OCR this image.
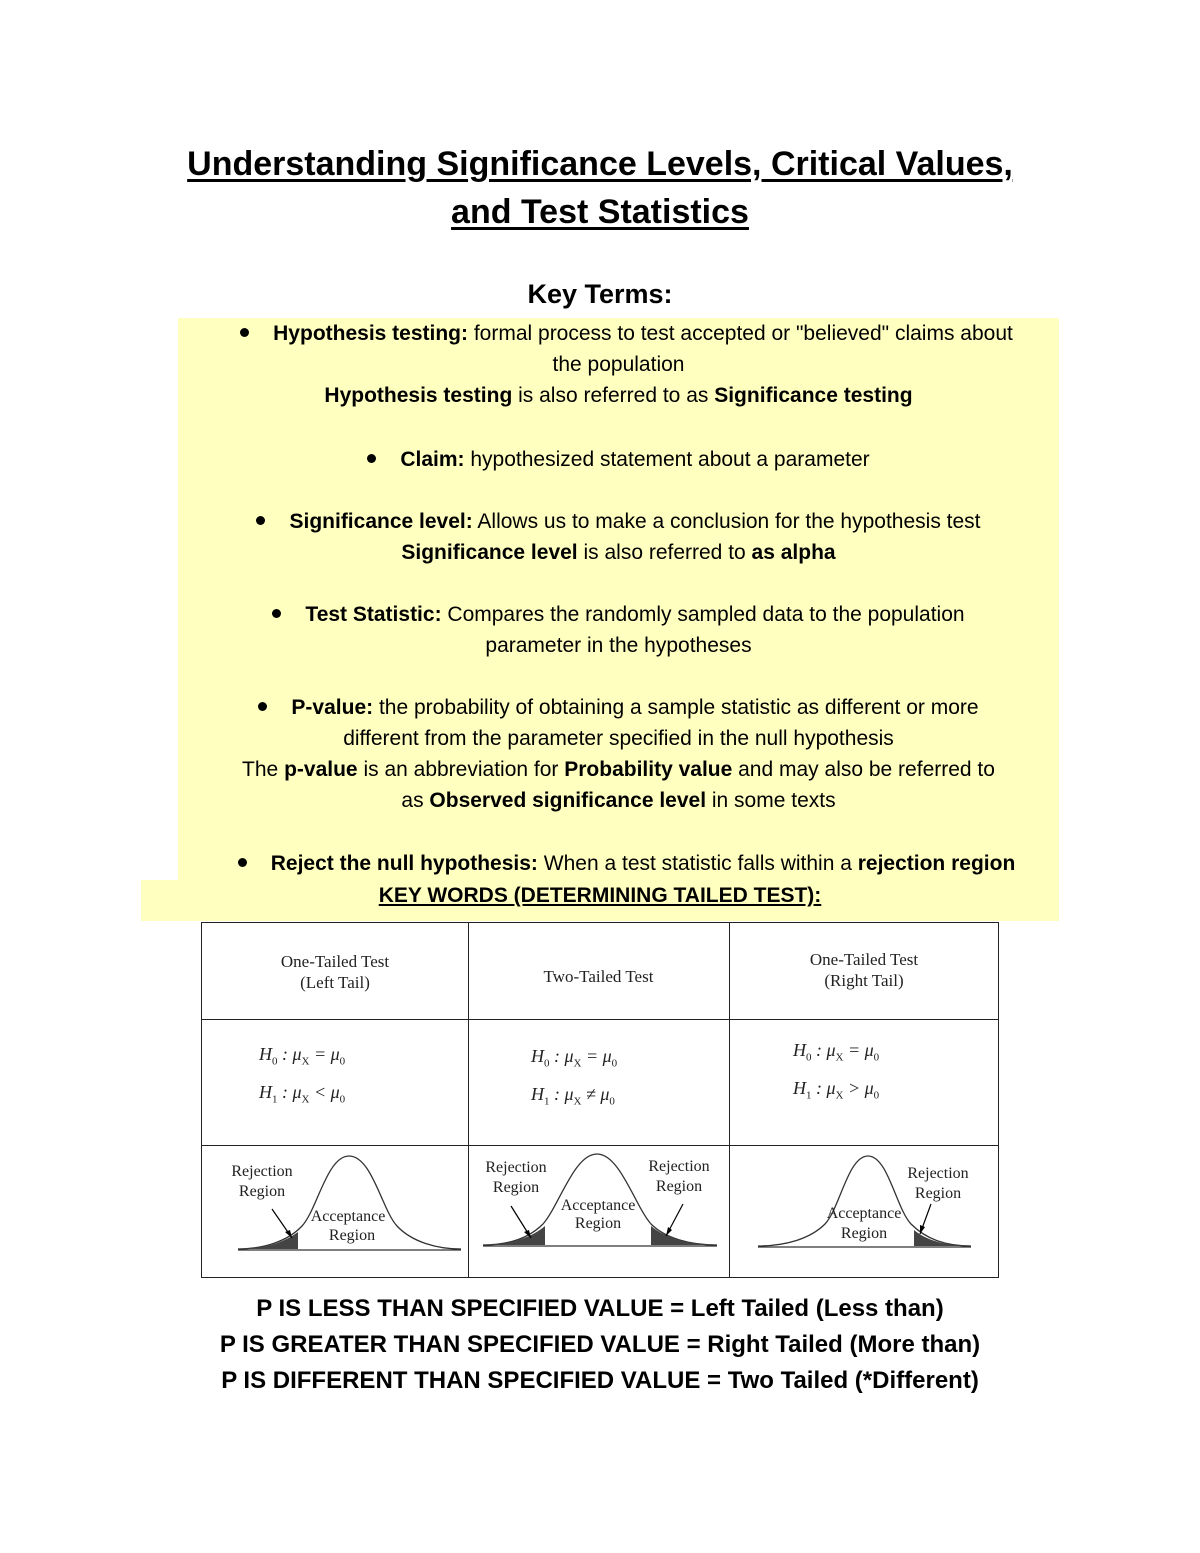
Understanding Significance Levels, Critical Values,
and Test Statistics
Key Terms:
Hypothesis testing: formal process to test accepted or "believed" claims about
the population
Hypothesis testing is also referred to as Significance testing
Claim: hypothesized statement about a parameter
Significance level: Allows us to make a conclusion for the hypothesis test
Significance level is also referred to as alpha
Test Statistic: Compares the randomly sampled data to the population
parameter in the hypotheses
P-value: the probability of obtaining a sample statistic as different or more
different from the parameter specified in the null hypothesis
The p-value is an abbreviation for Probability value and may also be referred to
as Observed significance level in some texts
Reject the null hypothesis: When a test statistic falls within a rejection region
KEY WORDS (DETERMINING TAILED TEST):
One-Tailed Test
(Left Tail)	Two-Tailed Test
One-Tailed Test
(Right Tail)
$H_0$ : $\mu_X = \mu_0$
$H_1$ : $\mu_X < \mu_0$
$H_0$ : $\mu_X = \mu_0$
$H_1$ : $\mu_X \ne \mu_0$
$H_0$ : $\mu_X = \mu_0$
$H_1$ : $\mu_X > \mu_0$
Rejection
Region
Acceptance
Region
Rejection
Region
Rejection
Region
Acceptance
Region
Rejection
Region
Acceptance
Region
P IS LESS THAN SPECIFIED VALUE = Left Tailed (Less than)
P IS GREATER THAN SPECIFIED VALUE = Right Tailed (More than)
P IS DIFFERENT THAN SPECIFIED VALUE = Two Tailed (*Different)
